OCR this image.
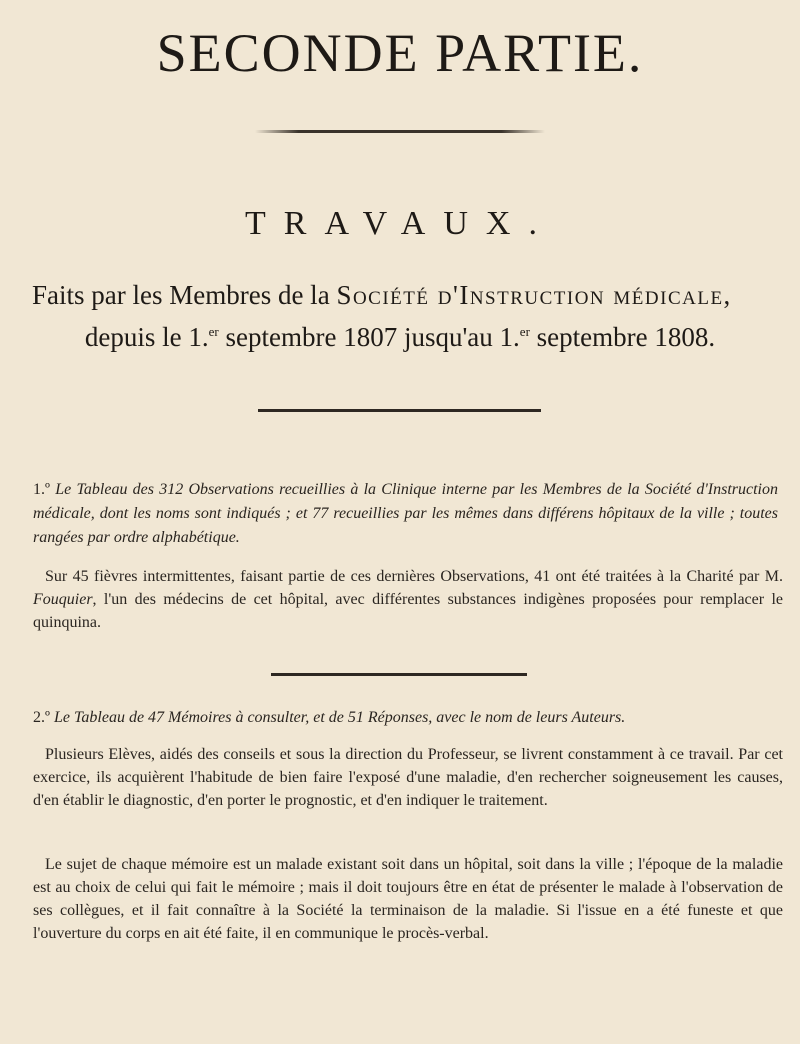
SECONDE PARTIE.
TRAVAUX.
Faits par les Membres de la Société d'Instruction médicale,
depuis le 1.$^{er}$ septembre 1807 jusqu'au 1.$^{er}$ septembre 1808.
1.º Le Tableau des 312 Observations recueillies à la Clinique interne par les Membres de la Société d'Instruction médicale, dont les noms sont indiqués ; et 77 recueillies par les mêmes dans différens hôpitaux de la ville ; toutes rangées par ordre alphabétique.
Sur 45 fièvres intermittentes, faisant partie de ces dernières Observations, 41 ont été traitées à la Charité par M. Fouquier, l'un des médecins de cet hôpital, avec différentes substances indigènes proposées pour remplacer le quinquina.
2.º Le Tableau de 47 Mémoires à consulter, et de 51 Réponses, avec le nom de leurs Auteurs.
Plusieurs Elèves, aidés des conseils et sous la direction du Professeur, se livrent constamment à ce travail. Par cet exercice, ils acquièrent l'habitude de bien faire l'exposé d'une maladie, d'en rechercher soigneusement les causes, d'en établir le diagnostic, d'en porter le prognostic, et d'en indiquer le traitement.
Le sujet de chaque mémoire est un malade existant soit dans un hôpital, soit dans la ville ; l'époque de la maladie est au choix de celui qui fait le mémoire ; mais il doit toujours être en état de présenter le malade à l'observation de ses collègues, et il fait connaître à la Société la terminaison de la maladie. Si l'issue en a été funeste et que l'ouverture du corps en ait été faite, il en communique le procès-verbal.
